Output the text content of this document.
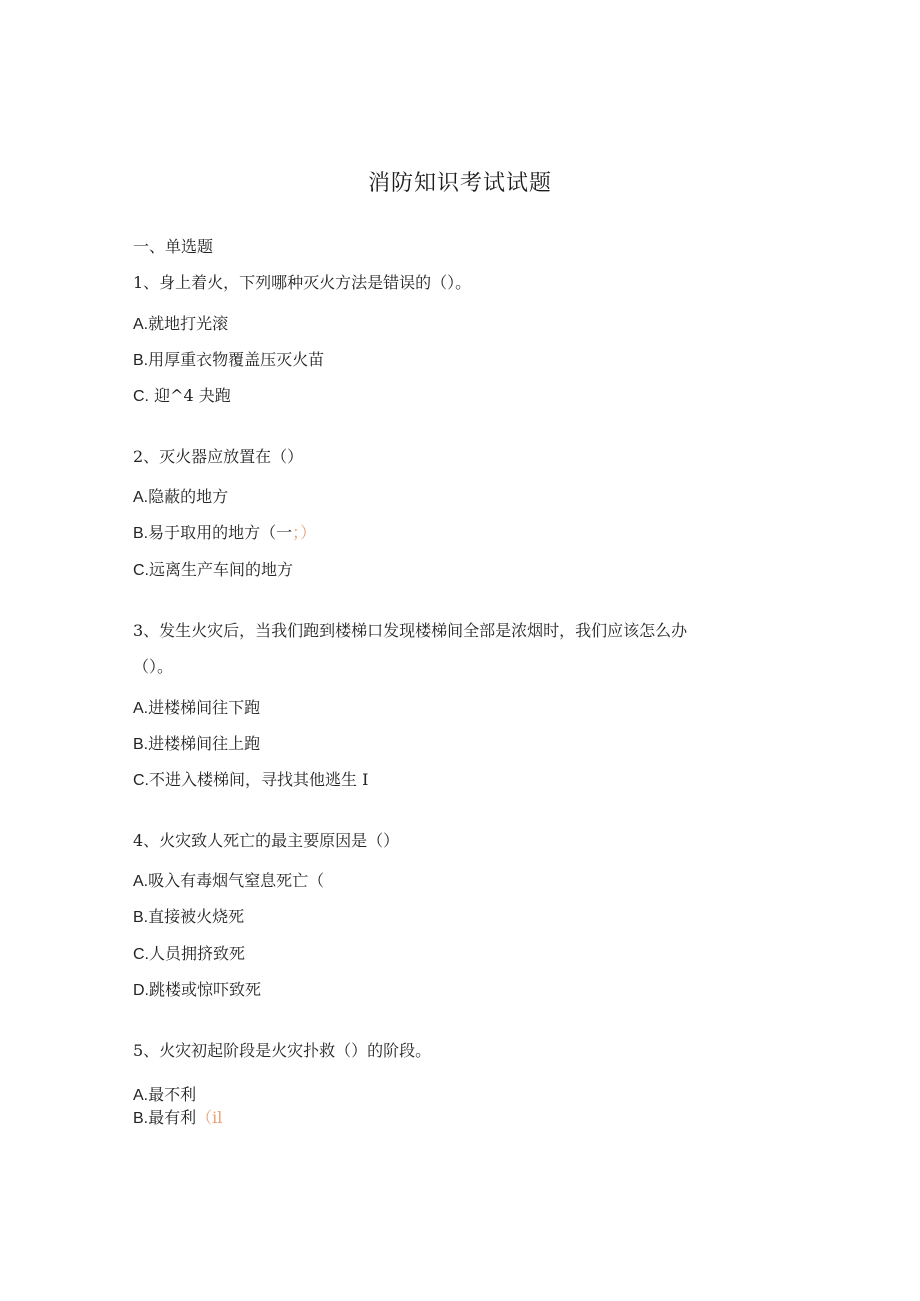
消防知识考试试题
一、单选题
1、身上着火，下列哪种灭火方法是错误的（）。
A.就地打光滚
B.用厚重衣物覆盖压灭火苗
C. 迎^4 夬跑
2、灭火器应放置在（）
A.隐蔽的地方
B.易于取用的地方（一；）
C.远离生产车间的地方
3、发生火灾后，当我们跑到楼梯口发现楼梯间全部是浓烟时，我们应该怎么办
（）。
A.进楼梯间往下跑
B.进楼梯间往上跑
C.不进入楼梯间，寻找其他逃生 I
4、火灾致人死亡的最主要原因是（）
A.吸入有毒烟气窒息死亡（
B.直接被火烧死
C.人员拥挤致死
D.跳楼或惊吓致死
5、火灾初起阶段是火灾扑救（）的阶段。
A.最不利
B.最有利（il
